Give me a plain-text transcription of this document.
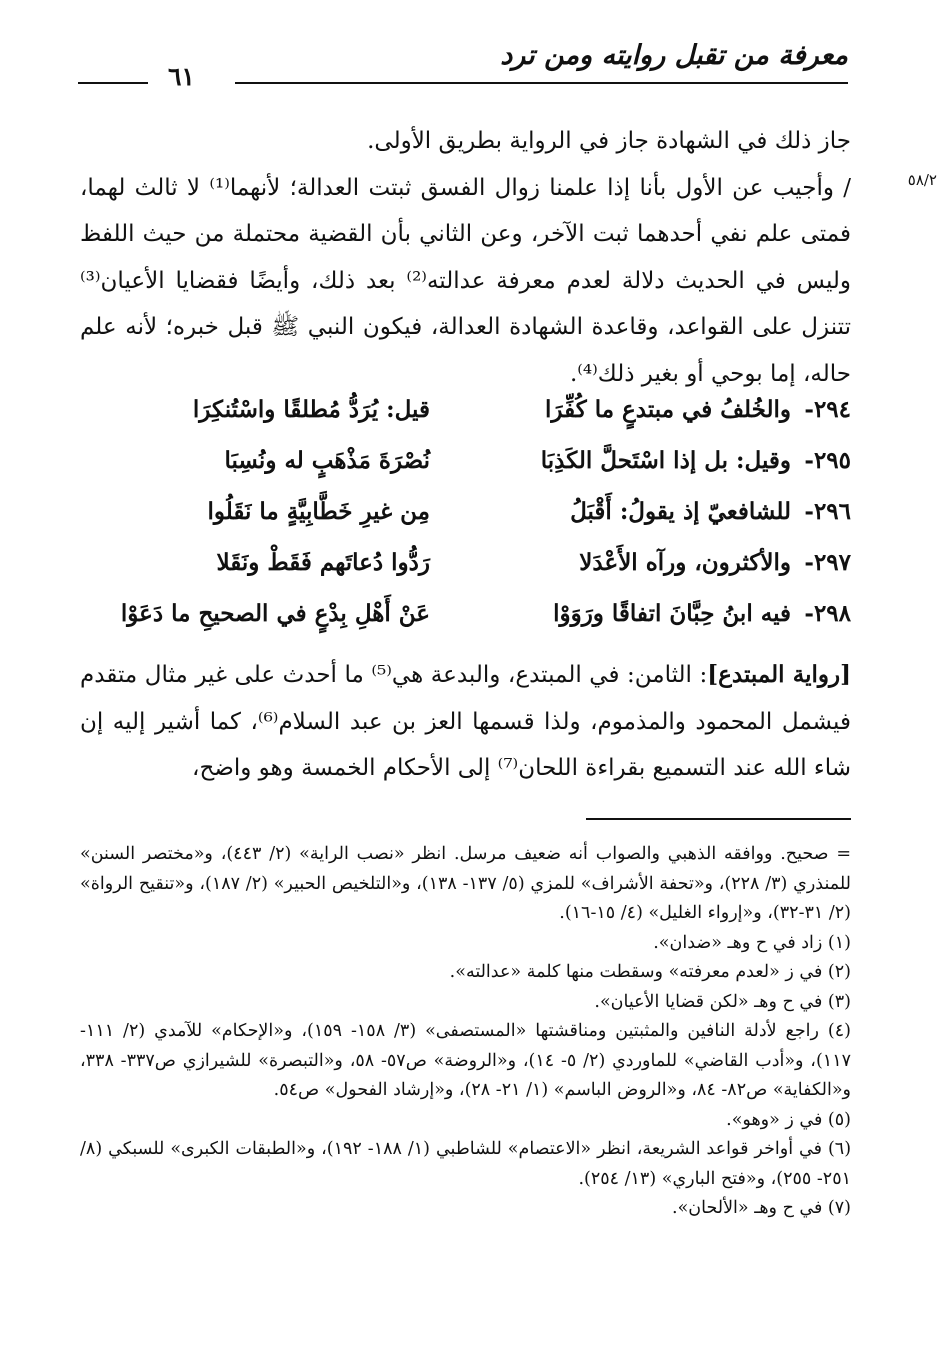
معرفة من تقبل روايته ومن ترد
٦١
٥٨/٢

جاز ذلك في الشهادة جاز في الرواية بطريق الأولى.

/ وأجيب عن الأول بأنا إذا علمنا زوال الفسق ثبتت العدالة؛ لأنهما⁽¹⁾ لا ثالث لهما، فمتى علم نفي أحدهما ثبت الآخر، وعن الثاني بأن القضية محتملة من حيث اللفظ وليس في الحديث دلالة لعدم معرفة عدالته⁽²⁾ بعد ذلك، وأيضًا فقضايا الأعيان⁽³⁾ تتنزل على القواعد، وقاعدة الشهادة العدالة، فيكون النبي ﷺ قبل خبره؛ لأنه علم حاله، إما بوحي أو بغير ذلك⁽⁴⁾.

٢٩٤-
والخُلفُ في مبتدعٍ ما كُفِّرَا
قيل: يُرَدُّ مُطلقًا واسْتُنكِرَا
٢٩٥-
وقيل: بل إذا اسْتَحلَّ الكَذِبَا
نُصْرَةَ مَذْهَبٍ له ونُسِبَا
٢٩٦-
للشافعيّ إذ يقولُ: أَقْبَلُ
مِن غيرِ خَطَّابِيَّةٍ ما نَقَلُوا
٢٩٧-
والأكثرون، ورآه الأَعْدَلا
رَدُّوا دُعاتَهم فَقَطْ ونَقَلا
٢٩٨-
فيه ابنُ حِبَّانَ اتفاقًا ورَوَوْا
عَنْ أَهْلِ بِدْعٍ في الصحيحِ ما دَعَوْا

[رواية المبتدع]: الثامن: في المبتدع، والبدعة هي⁽⁵⁾ ما أحدث على غير مثال متقدم فيشمل المحمود والمذموم، ولذا قسمها العز بن عبد السلام⁽⁶⁾، كما أشير إليه إن شاء الله عند التسميع بقراءة اللحان⁽⁷⁾ إلى الأحكام الخمسة وهو واضح،

= صحيح. ووافقه الذهبي والصواب أنه ضعيف مرسل. انظر «نصب الراية» (٢/ ٤٤٣)، و«مختصر السنن» للمنذري (٣/ ٢٢٨)، و«تحفة الأشراف» للمزي (٥/ ١٣٧- ١٣٨)، و«التلخيص الحبير» (٢/ ١٨٧)، و«تنقيح الرواة» (٢/ ٣١-٣٢)، و«إرواء الغليل» (٤/ ١٥-١٦).

(١) زاد في ح وهـ «ضدان».

(٢) في ز «لعدم معرفته» وسقطت منها كلمة «عدالته».

(٣) في ح وهـ «لكن قضايا الأعيان».

(٤) راجع لأدلة النافين والمثبتين ومناقشتها «المستصفى» (٣/ ١٥٨- ١٥٩)، و«الإحكام» للآمدي (٢/ ١١١- ١١٧)، و«أدب القاضي» للماوردي (٢/ ٥- ١٤)، و«الروضة» ص٥٧- ٥٨، و«التبصرة» للشيرازي ص٣٣٧- ٣٣٨، و«الكفاية» ص٨٢- ٨٤، و«الروض الباسم» (١/ ٢١- ٢٨)، و«إرشاد الفحول» ص٥٤.

(٥) في ز «وهو».

(٦) في أواخر قواعد الشريعة، انظر «الاعتصام» للشاطبي (١/ ١٨٨- ١٩٢)، و«الطبقات الكبرى» للسبكي (٨/ ٢٥١- ٢٥٥)، و«فتح الباري» (١٣/ ٢٥٤).

(٧) في ح وهـ «الألحان».
